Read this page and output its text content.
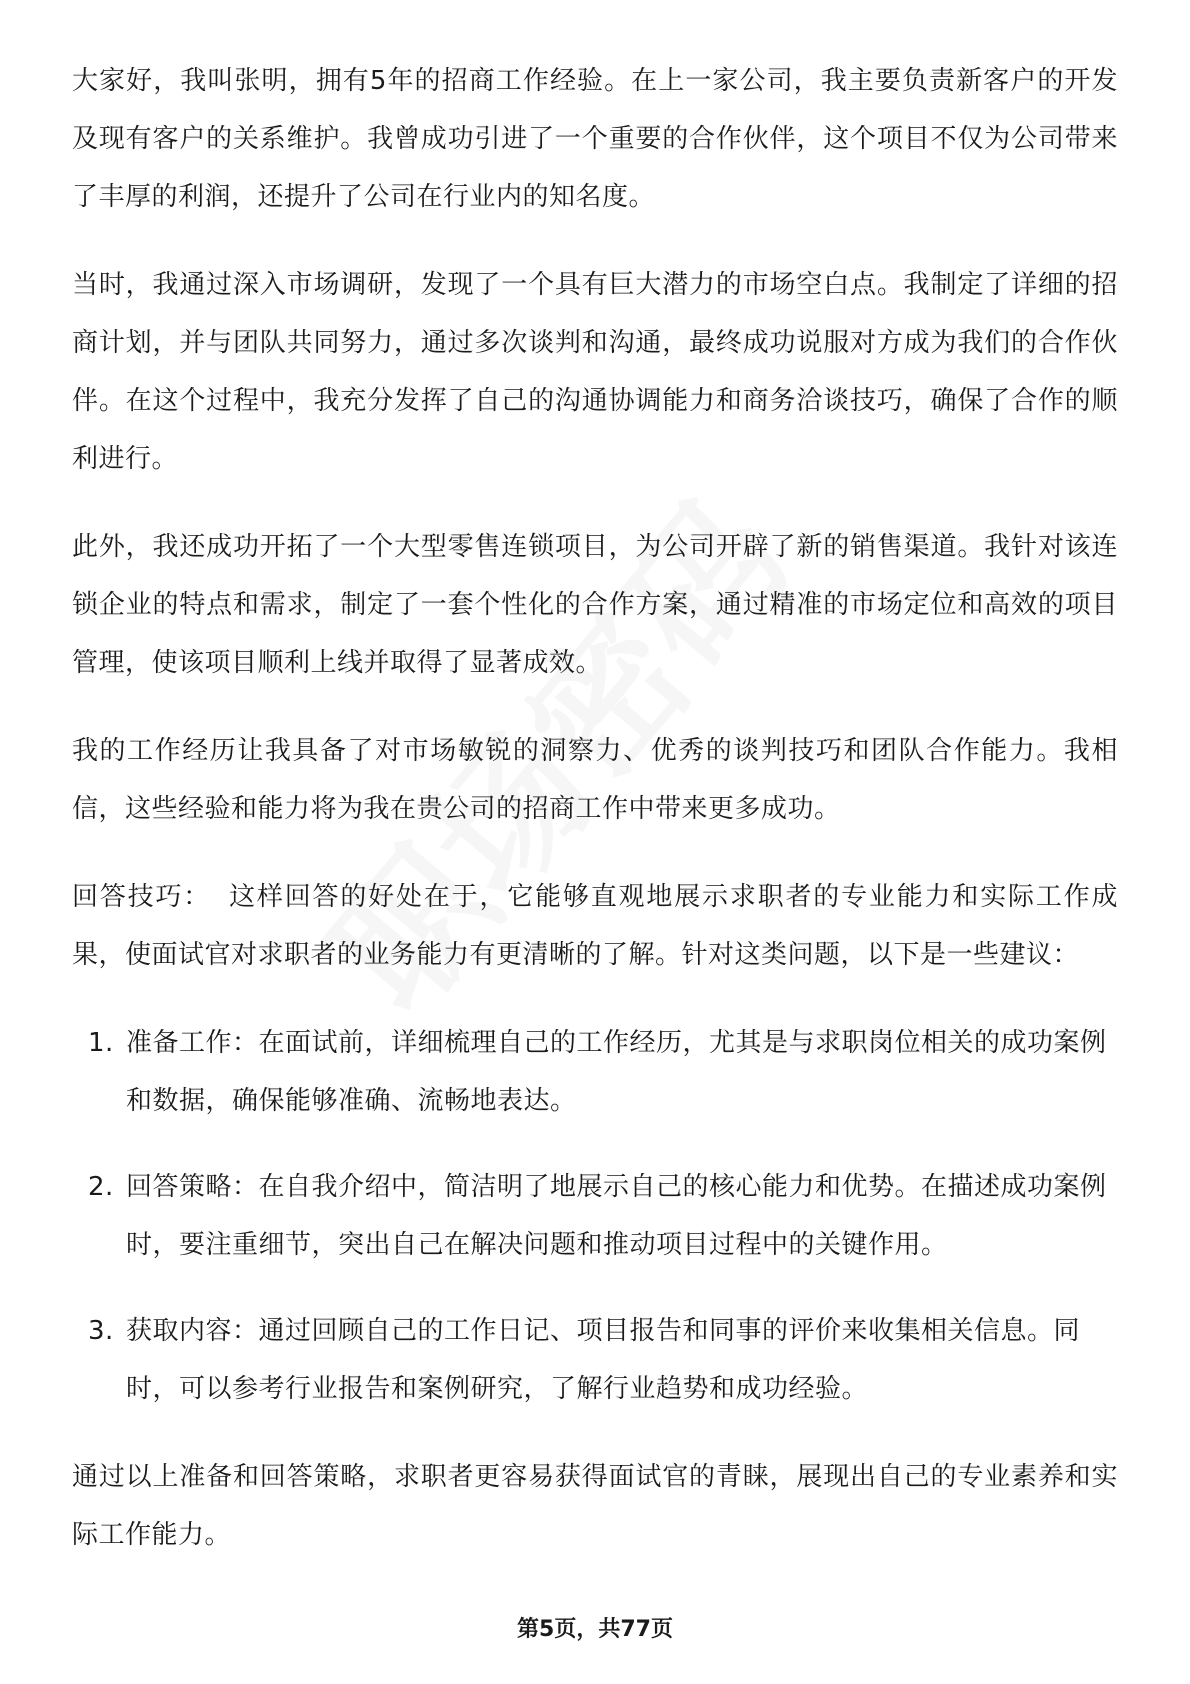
大家好，我叫张明，拥有5年的招商工作经验。在上一家公司，我主要负责新客户的开发及现有客户的关系维护。我曾成功引进了一个重要的合作伙伴，这个项目不仅为公司带来了丰厚的利润，还提升了公司在行业内的知名度。

当时，我通过深入市场调研，发现了一个具有巨大潜力的市场空白点。我制定了详细的招商计划，并与团队共同努力，通过多次谈判和沟通，最终成功说服对方成为我们的合作伙伴。在这个过程中，我充分发挥了自己的沟通协调能力和商务洽谈技巧，确保了合作的顺利进行。

此外，我还成功开拓了一个大型零售连锁项目，为公司开辟了新的销售渠道。我针对该连锁企业的特点和需求，制定了一套个性化的合作方案，通过精准的市场定位和高效的项目管理，使该项目顺利上线并取得了显著成效。

我的工作经历让我具备了对市场敏锐的洞察力、优秀的谈判技巧和团队合作能力。我相信，这些经验和能力将为我在贵公司的招商工作中带来更多成功。

回答技巧： 这样回答的好处在于，它能够直观地展示求职者的专业能力和实际工作成果，使面试官对求职者的业务能力有更清晰的了解。针对这类问题，以下是一些建议：

1. 准备工作：在面试前，详细梳理自己的工作经历，尤其是与求职岗位相关的成功案例和数据，确保能够准确、流畅地表达。
2. 回答策略：在自我介绍中，简洁明了地展示自己的核心能力和优势。在描述成功案例时，要注重细节，突出自己在解决问题和推动项目过程中的关键作用。
3. 获取内容：通过回顾自己的工作日记、项目报告和同事的评价来收集相关信息。同时，可以参考行业报告和案例研究，了解行业趋势和成功经验。

通过以上准备和回答策略，求职者更容易获得面试官的青睐，展现出自己的专业素养和实际工作能力。

第5页，共77页
